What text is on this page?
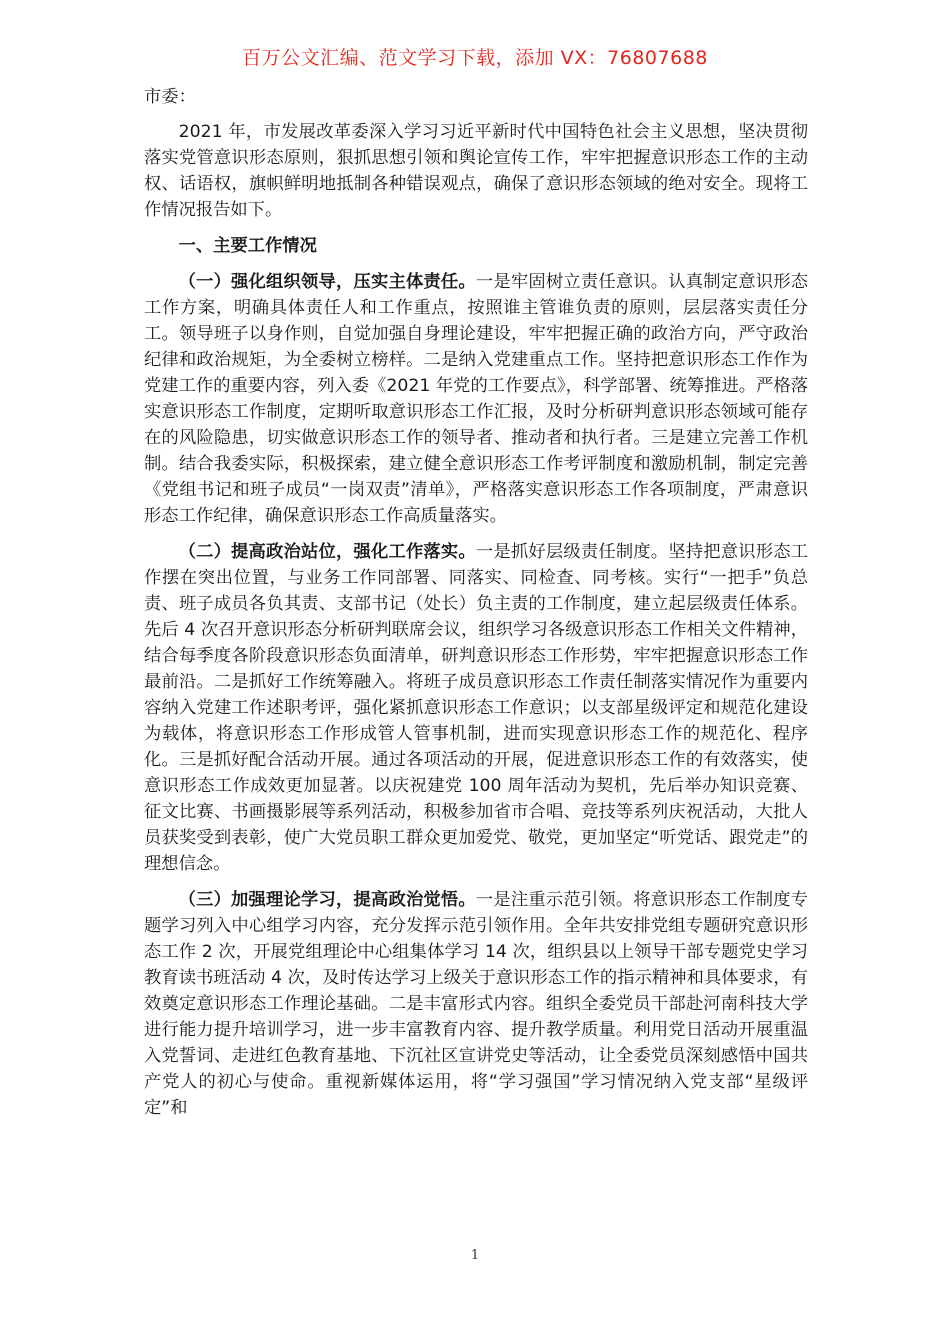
百万公文汇编、范文学习下载，添加 VX：76807688

市委：

2021 年，市发展改革委深入学习习近平新时代中国特色社会主义思想，坚决贯彻落实党管意识形态原则，狠抓思想引领和舆论宣传工作，牢牢把握意识形态工作的主动权、话语权，旗帜鲜明地抵制各种错误观点，确保了意识形态领域的绝对安全。现将工作情况报告如下。

一、主要工作情况

（一）强化组织领导，压实主体责任。一是牢固树立责任意识。认真制定意识形态工作方案，明确具体责任人和工作重点，按照谁主管谁负责的原则，层层落实责任分工。领导班子以身作则，自觉加强自身理论建设，牢牢把握正确的政治方向，严守政治纪律和政治规矩，为全委树立榜样。二是纳入党建重点工作。坚持把意识形态工作作为党建工作的重要内容，列入委《2021 年党的工作要点》，科学部署、统筹推进。严格落实意识形态工作制度，定期听取意识形态工作汇报，及时分析研判意识形态领域可能存在的风险隐患，切实做意识形态工作的领导者、推动者和执行者。三是建立完善工作机制。结合我委实际，积极探索，建立健全意识形态工作考评制度和激励机制，制定完善《党组书记和班子成员“一岗双责”清单》，严格落实意识形态工作各项制度，严肃意识形态工作纪律，确保意识形态工作高质量落实。

（二）提高政治站位，强化工作落实。一是抓好层级责任制度。坚持把意识形态工作摆在突出位置，与业务工作同部署、同落实、同检查、同考核。实行“一把手”负总责、班子成员各负其责、支部书记（处长）负主责的工作制度，建立起层级责任体系。先后 4 次召开意识形态分析研判联席会议，组织学习各级意识形态工作相关文件精神，结合每季度各阶段意识形态负面清单，研判意识形态工作形势，牢牢把握意识形态工作最前沿。二是抓好工作统筹融入。将班子成员意识形态工作责任制落实情况作为重要内容纳入党建工作述职考评，强化紧抓意识形态工作意识；以支部星级评定和规范化建设为载体，将意识形态工作形成管人管事机制，进而实现意识形态工作的规范化、程序化。三是抓好配合活动开展。通过各项活动的开展，促进意识形态工作的有效落实，使意识形态工作成效更加显著。以庆祝建党 100 周年活动为契机，先后举办知识竞赛、征文比赛、书画摄影展等系列活动，积极参加省市合唱、竞技等系列庆祝活动，大批人员获奖受到表彰，使广大党员职工群众更加爱党、敬党，更加坚定“听党话、跟党走”的理想信念。

（三）加强理论学习，提高政治觉悟。一是注重示范引领。将意识形态工作制度专题学习列入中心组学习内容，充分发挥示范引领作用。全年共安排党组专题研究意识形态工作 2 次，开展党组理论中心组集体学习 14 次，组织县以上领导干部专题党史学习教育读书班活动 4 次，及时传达学习上级关于意识形态工作的指示精神和具体要求，有效奠定意识形态工作理论基础。二是丰富形式内容。组织全委党员干部赴河南科技大学进行能力提升培训学习，进一步丰富教育内容、提升教学质量。利用党日活动开展重温入党誓词、走进红色教育基地、下沉社区宣讲党史等活动，让全委党员深刻感悟中国共产党人的初心与使命。重视新媒体运用，将“学习强国”学习情况纳入党支部“星级评定”和

1
